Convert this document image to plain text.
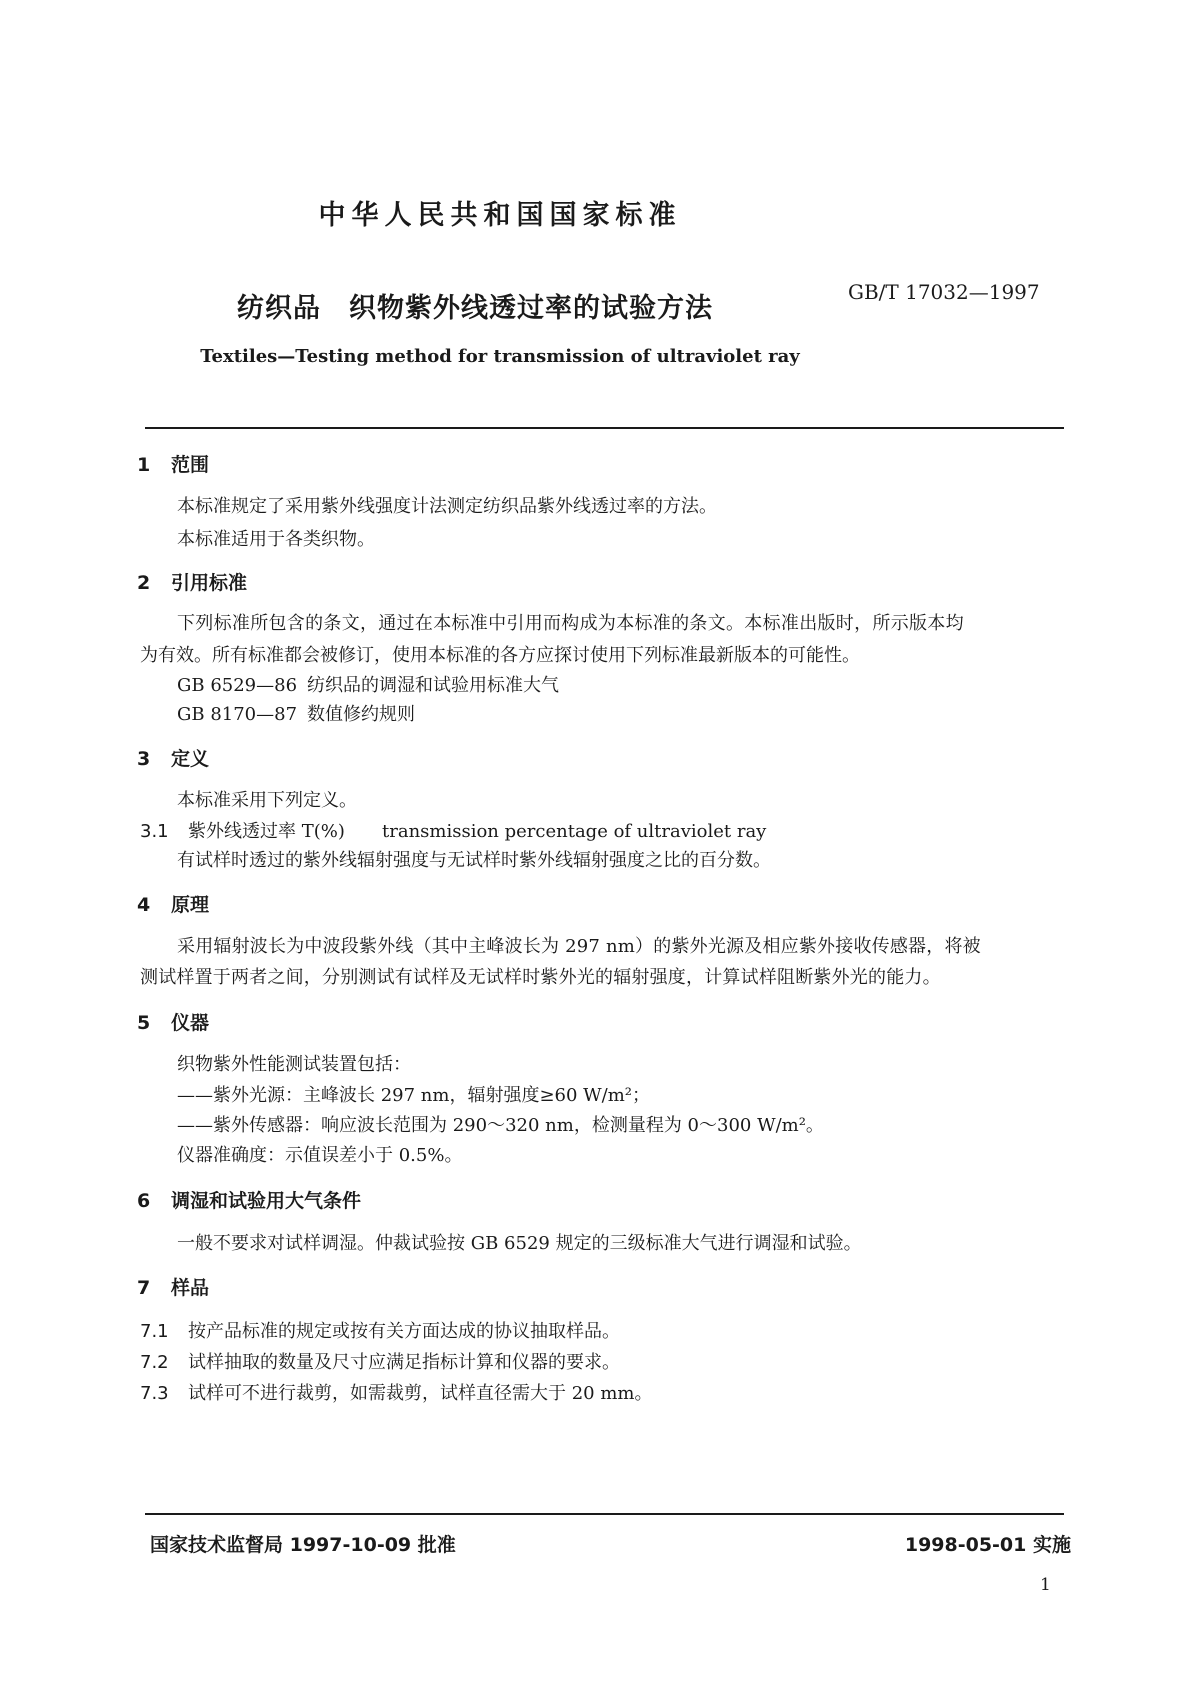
中华人民共和国国家标准
纺织品　织物紫外线透过率的试验方法
GB/T 17032—1997
Textiles—Testing method for transmission of ultraviolet ray
1 范围
本标准规定了采用紫外线强度计法测定纺织品紫外线透过率的方法。
本标准适用于各类织物。
2 引用标准
下列标准所包含的条文，通过在本标准中引用而构成为本标准的条文。本标准出版时，所示版本均
为有效。所有标准都会被修订，使用本标准的各方应探讨使用下列标准最新版本的可能性。
GB 6529—86 纺织品的调湿和试验用标准大气
GB 8170—87 数值修约规则
3 定义
本标准采用下列定义。
3.1 紫外线透过率 T(%) transmission percentage of ultraviolet ray
有试样时透过的紫外线辐射强度与无试样时紫外线辐射强度之比的百分数。
4 原理
采用辐射波长为中波段紫外线（其中主峰波长为 297 nm）的紫外光源及相应紫外接收传感器，将被
测试样置于两者之间，分别测试有试样及无试样时紫外光的辐射强度，计算试样阻断紫外光的能力。
5 仪器
织物紫外性能测试装置包括：
——紫外光源：主峰波长 297 nm，辐射强度≥60 W/m²；
——紫外传感器：响应波长范围为 290～320 nm，检测量程为 0～300 W/m²。
仪器准确度：示值误差小于 0.5%。
6 调湿和试验用大气条件
一般不要求对试样调湿。仲裁试验按 GB 6529 规定的三级标准大气进行调湿和试验。
7 样品
7.1 按产品标准的规定或按有关方面达成的协议抽取样品。
7.2 试样抽取的数量及尺寸应满足指标计算和仪器的要求。
7.3 试样可不进行裁剪，如需裁剪，试样直径需大于 20 mm。
国家技术监督局 1997-10-09 批准	1998-05-01 实施
1
